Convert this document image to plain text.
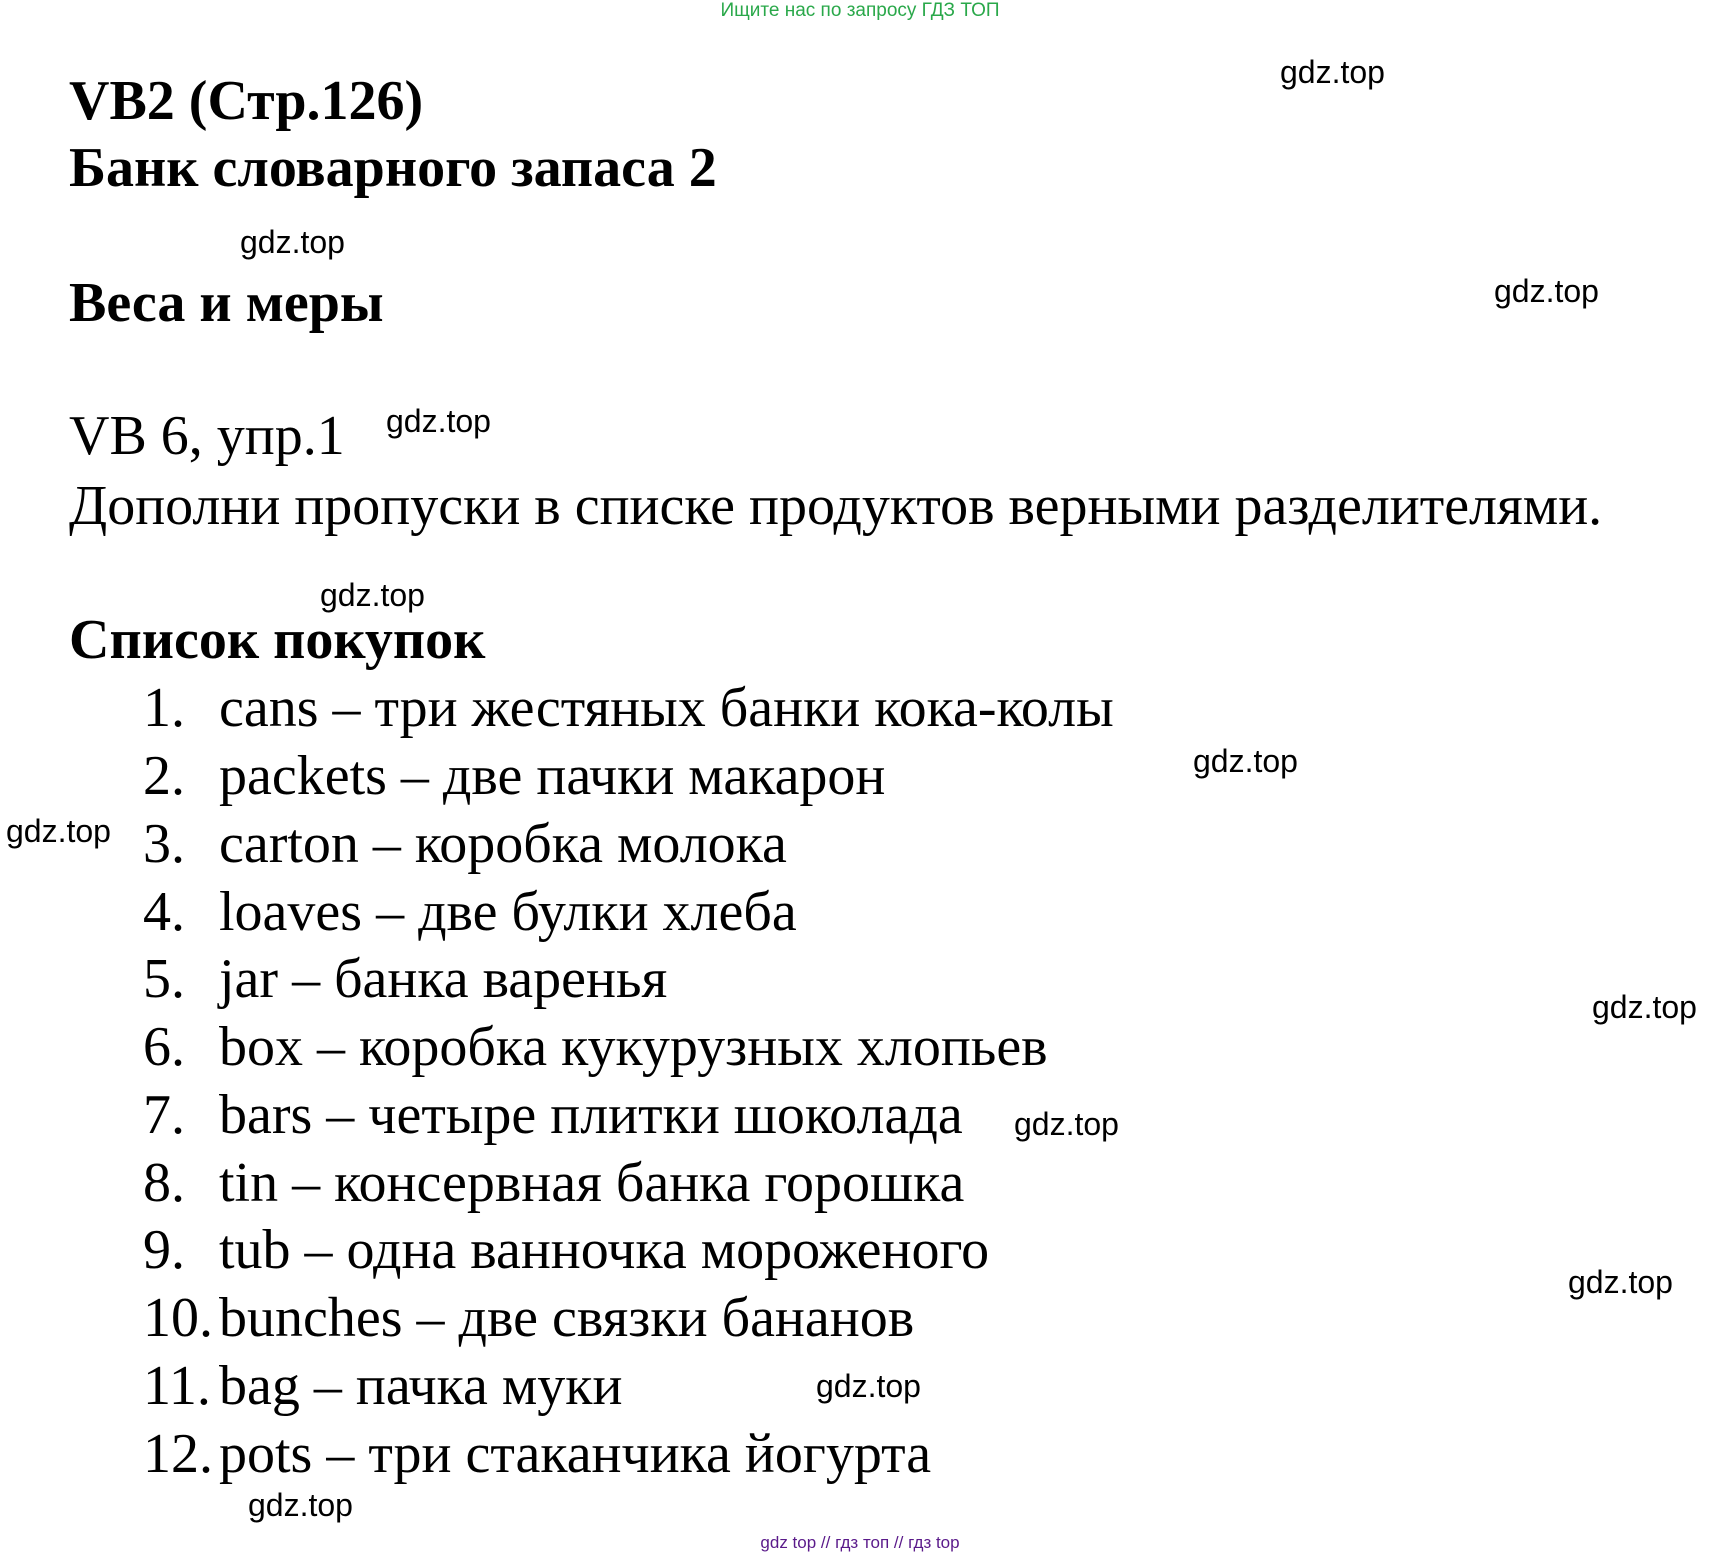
Ищите нас по запросу ГДЗ ТОП
VB2 (Стр.126)
Банк словарного запаса 2
Веса и меры
VB 6, упр.1
Дополни пропуски в списке продуктов верными разделителями.
Список покупок
1. cans – три жестяных банки кока-колы
2. packets – две пачки макарон
3. carton – коробка молока
4. loaves – две булки хлеба
5. jar – банка варенья
6. box – коробка кукурузных хлопьев
7. bars – четыре плитки шоколада
8. tin – консервная банка горошка
9. tub – одна ванночка мороженого
10. bunches – две связки бананов
11. bag – пачка муки
12. pots – три стаканчика йогурта
gdz.top
gdz.top
gdz.top
gdz.top
gdz.top
gdz.top
gdz.top
gdz.top
gdz.top
gdz.top
gdz.top
gdz.top
gdz top // гдз топ // гдз top
